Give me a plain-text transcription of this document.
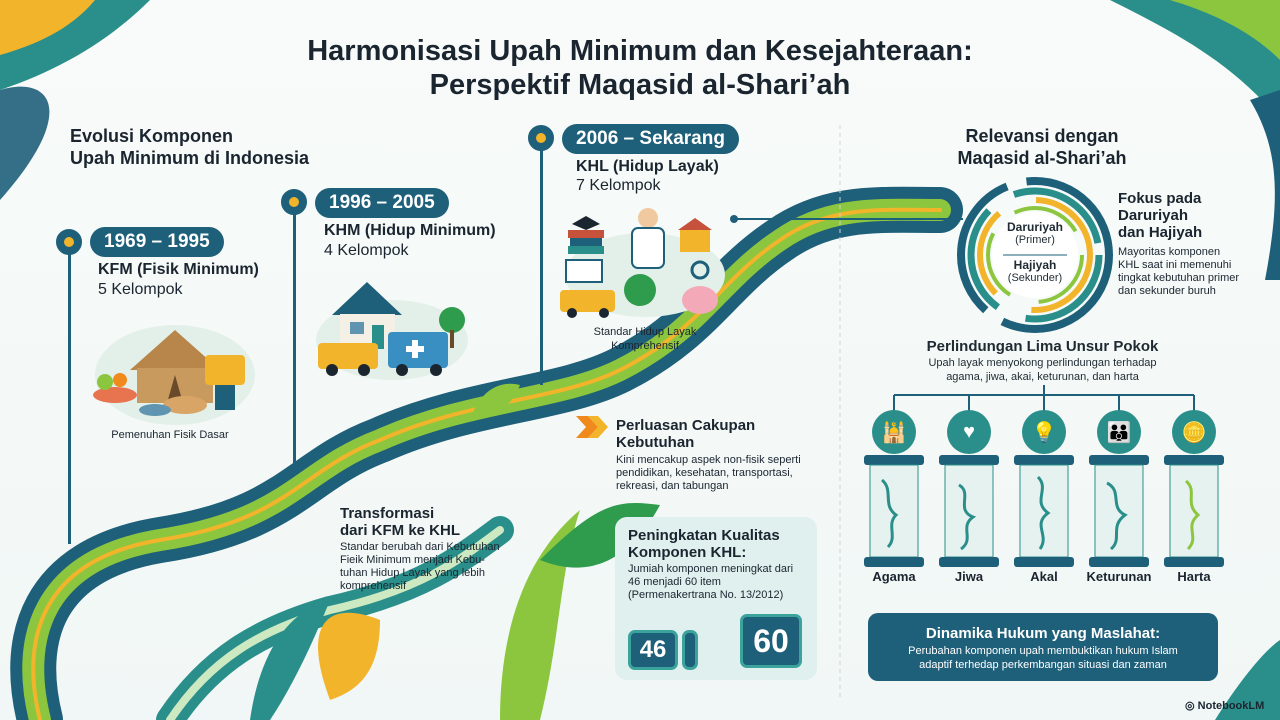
Harmonisasi Upah Minimum dan Kesejahteraan:
Perspektif Maqasid al-Shari’ah
Evolusi Komponen
Upah Minimum di Indonesia
1969 – 1995
KFM (Fisik Minimum)
5 Kelompok
Pemenuhan Fisik Dasar
1996 – 2005
KHM (Hidup Minimum)
4 Kelompok
2006 – Sekarang
KHL (Hidup Layak)
7 Kelompok
Standar Hidup Layak
Komprehensif
Transformasi
dari KFM ke KHL
Standar berubah dari Kebutuhan
Fieik Minimum menjadi Kebu-
tuhan Hidup Layak yang lebih
komprehensif
Perluasan Cakupan
Kebutuhan
Kini mencakup aspek non-fisik seperti
pendidikan, kesehatan, transportasi,
rekreasi, dan tabungan
Peningkatan Kualitas
Komponen KHL:
Jumiah komponen meningkat dari
46 menjadi 60 item
(Permenakertrana No. 13/2012)
46	60
Relevansi dengan
Maqasid al-Shari’ah
Daruriyah
(Primer)
Hajiyah
(Sekunder)
Fokus pada
Daruriyah
dan Hajiyah
Mayoritas komponen
KHL saat ini memenuhi
tingkat kebutuhan primer
dan sekunder buruh
Perlindungan Lima Unsur Pokok
Upah layak menyokong perlindungan terhadap
agama, jiwa, akai, keturunan, dan harta
🕌	♥	💡	👪	🪙
Agama	Jiwa	Akal	Keturunan	Harta
Dinamika Hukum yang Maslahat:
Perubahan komponen upah membuktikan hukum Islam
adaptif terhedap perkembangan situasi dan zaman
◎ NotebookLM
